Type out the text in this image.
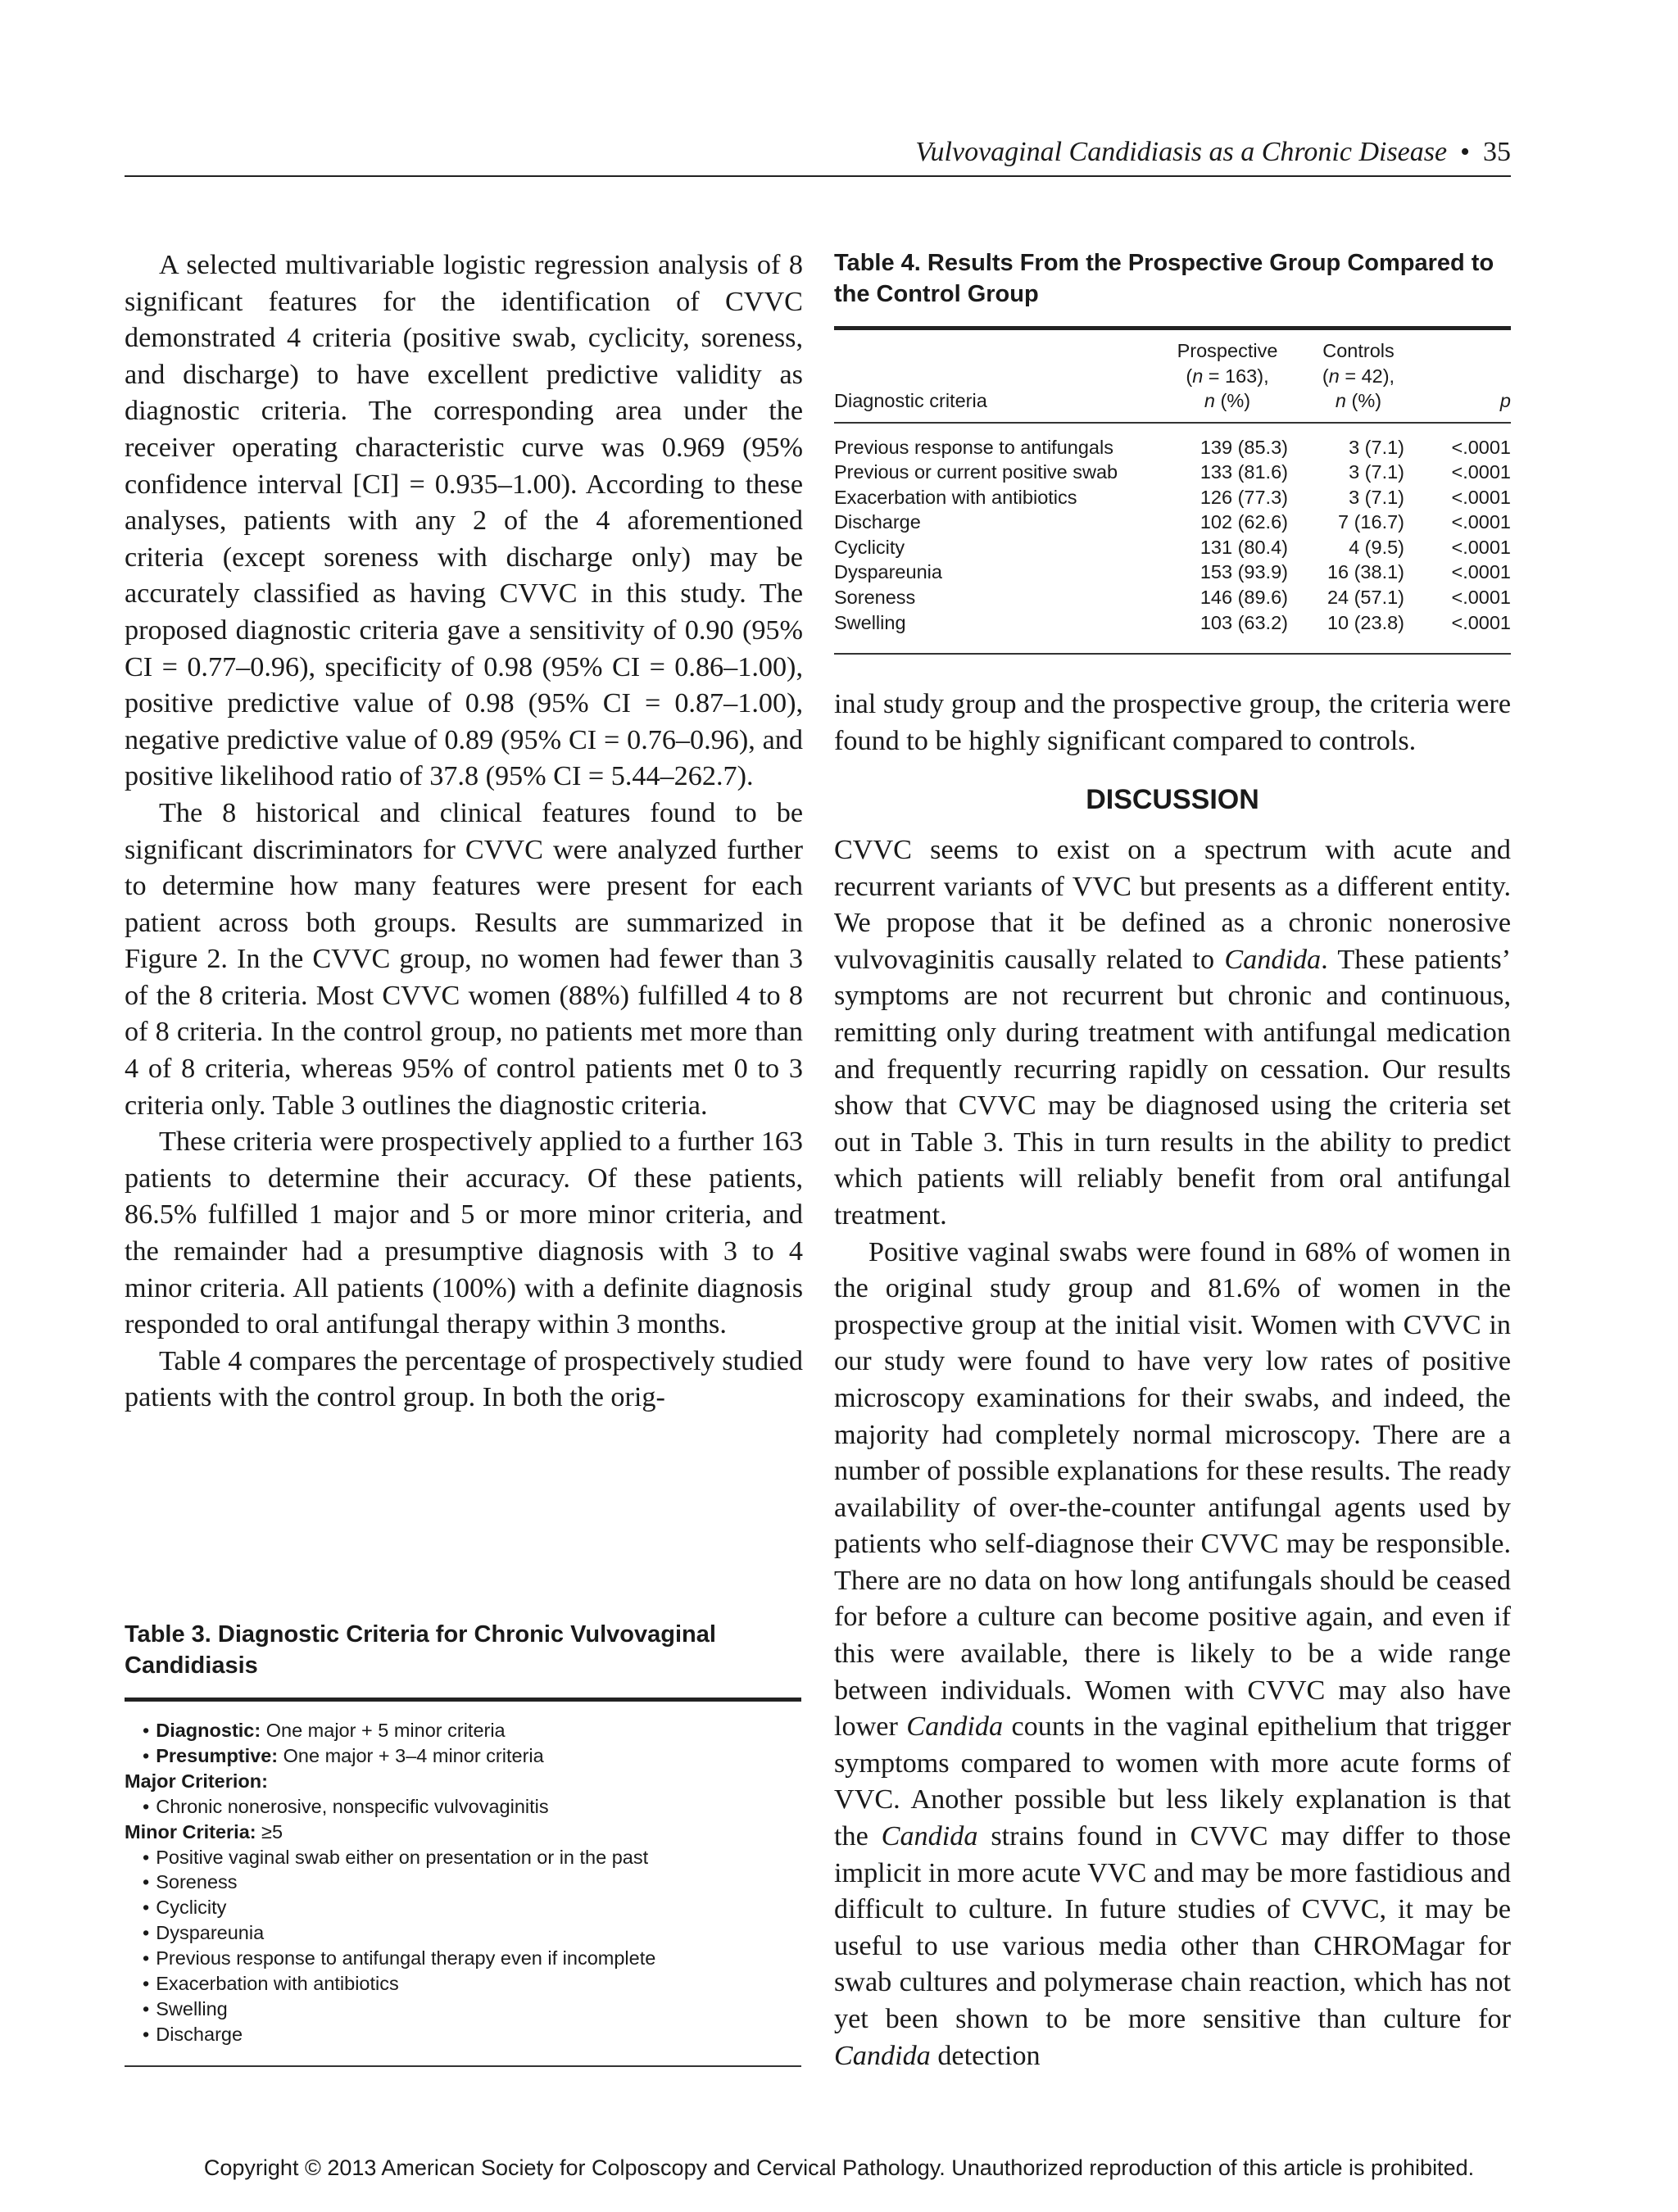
Vulvovaginal Candidiasis as a Chronic Disease • 35

A selected multivariable logistic regression analysis of 8 significant features for the identification of CVVC demonstrated 4 criteria (positive swab, cyclicity, soreness, and discharge) to have excellent predictive validity as diagnostic criteria. The corresponding area under the receiver operating characteristic curve was 0.969 (95% confidence interval [CI] = 0.935–1.00). According to these analyses, patients with any 2 of the 4 aforementioned criteria (except soreness with discharge only) may be accurately classified as having CVVC in this study. The proposed diagnostic criteria gave a sensitivity of 0.90 (95% CI = 0.77–0.96), specificity of 0.98 (95% CI = 0.86–1.00), positive predictive value of 0.98 (95% CI = 0.87–1.00), negative predictive value of 0.89 (95% CI = 0.76–0.96), and positive likelihood ratio of 37.8 (95% CI = 5.44–262.7).

The 8 historical and clinical features found to be significant discriminators for CVVC were analyzed further to determine how many features were present for each patient across both groups. Results are summarized in Figure 2. In the CVVC group, no women had fewer than 3 of the 8 criteria. Most CVVC women (88%) fulfilled 4 to 8 of 8 criteria. In the control group, no patients met more than 4 of 8 criteria, whereas 95% of control patients met 0 to 3 criteria only. Table 3 outlines the diagnostic criteria.

These criteria were prospectively applied to a further 163 patients to determine their accuracy. Of these patients, 86.5% fulfilled 1 major and 5 or more minor criteria, and the remainder had a presumptive diagnosis with 3 to 4 minor criteria. All patients (100%) with a definite diagnosis responded to oral antifungal therapy within 3 months.

Table 4 compares the percentage of prospectively studied patients with the control group. In both the orig-

Table 4. Results From the Prospective Group Compared to the Control Group

Diagnostic criteria	Prospective
(n = 163),
n (%)	Controls
(n = 42),
n (%)	p
Previous response to antifungals	139 (85.3)	3 (7.1)	<.0001
Previous or current positive swab	133 (81.6)	3 (7.1)	<.0001
Exacerbation with antibiotics	126 (77.3)	3 (7.1)	<.0001
Discharge	102 (62.6)	7 (16.7)	<.0001
Cyclicity	131 (80.4)	4 (9.5)	<.0001
Dyspareunia	153 (93.9)	16 (38.1)	<.0001
Soreness	146 (89.6)	24 (57.1)	<.0001
Swelling	103 (63.2)	10 (23.8)	<.0001

inal study group and the prospective group, the criteria were found to be highly significant compared to controls.

DISCUSSION

CVVC seems to exist on a spectrum with acute and recurrent variants of VVC but presents as a different entity. We propose that it be defined as a chronic nonerosive vulvovaginitis causally related to Candida. These patients’ symptoms are not recurrent but chronic and continuous, remitting only during treatment with antifungal medication and frequently recurring rapidly on cessation. Our results show that CVVC may be diagnosed using the criteria set out in Table 3. This in turn results in the ability to predict which patients will reliably benefit from oral antifungal treatment.

Positive vaginal swabs were found in 68% of women in the original study group and 81.6% of women in the prospective group at the initial visit. Women with CVVC in our study were found to have very low rates of positive microscopy examinations for their swabs, and indeed, the majority had completely normal microscopy. There are a number of possible explanations for these results. The ready availability of over-the-counter antifungal agents used by patients who self-diagnose their CVVC may be responsible. There are no data on how long antifungals should be ceased for before a culture can become positive again, and even if this were available, there is likely to be a wide range between individuals. Women with CVVC may also have lower Candida counts in the vaginal epithelium that trigger symptoms compared to women with more acute forms of VVC. Another possible but less likely explanation is that the Candida strains found in CVVC may differ to those implicit in more acute VVC and may be more fastidious and difficult to culture. In future studies of CVVC, it may be useful to use various media other than CHROMagar for swab cultures and polymerase chain reaction, which has not yet been shown to be more sensitive than culture for Candida detection

Table 3. Diagnostic Criteria for Chronic Vulvovaginal Candidiasis

• Diagnostic: One major + 5 minor criteria
• Presumptive: One major + 3–4 minor criteria
Major Criterion:
• Chronic nonerosive, nonspecific vulvovaginitis
Minor Criteria: ≥5
• Positive vaginal swab either on presentation or in the past
• Soreness
• Cyclicity
• Dyspareunia
• Previous response to antifungal therapy even if incomplete
• Exacerbation with antibiotics
• Swelling
• Discharge
Copyright © 2013 American Society for Colposcopy and Cervical Pathology. Unauthorized reproduction of this article is prohibited.
